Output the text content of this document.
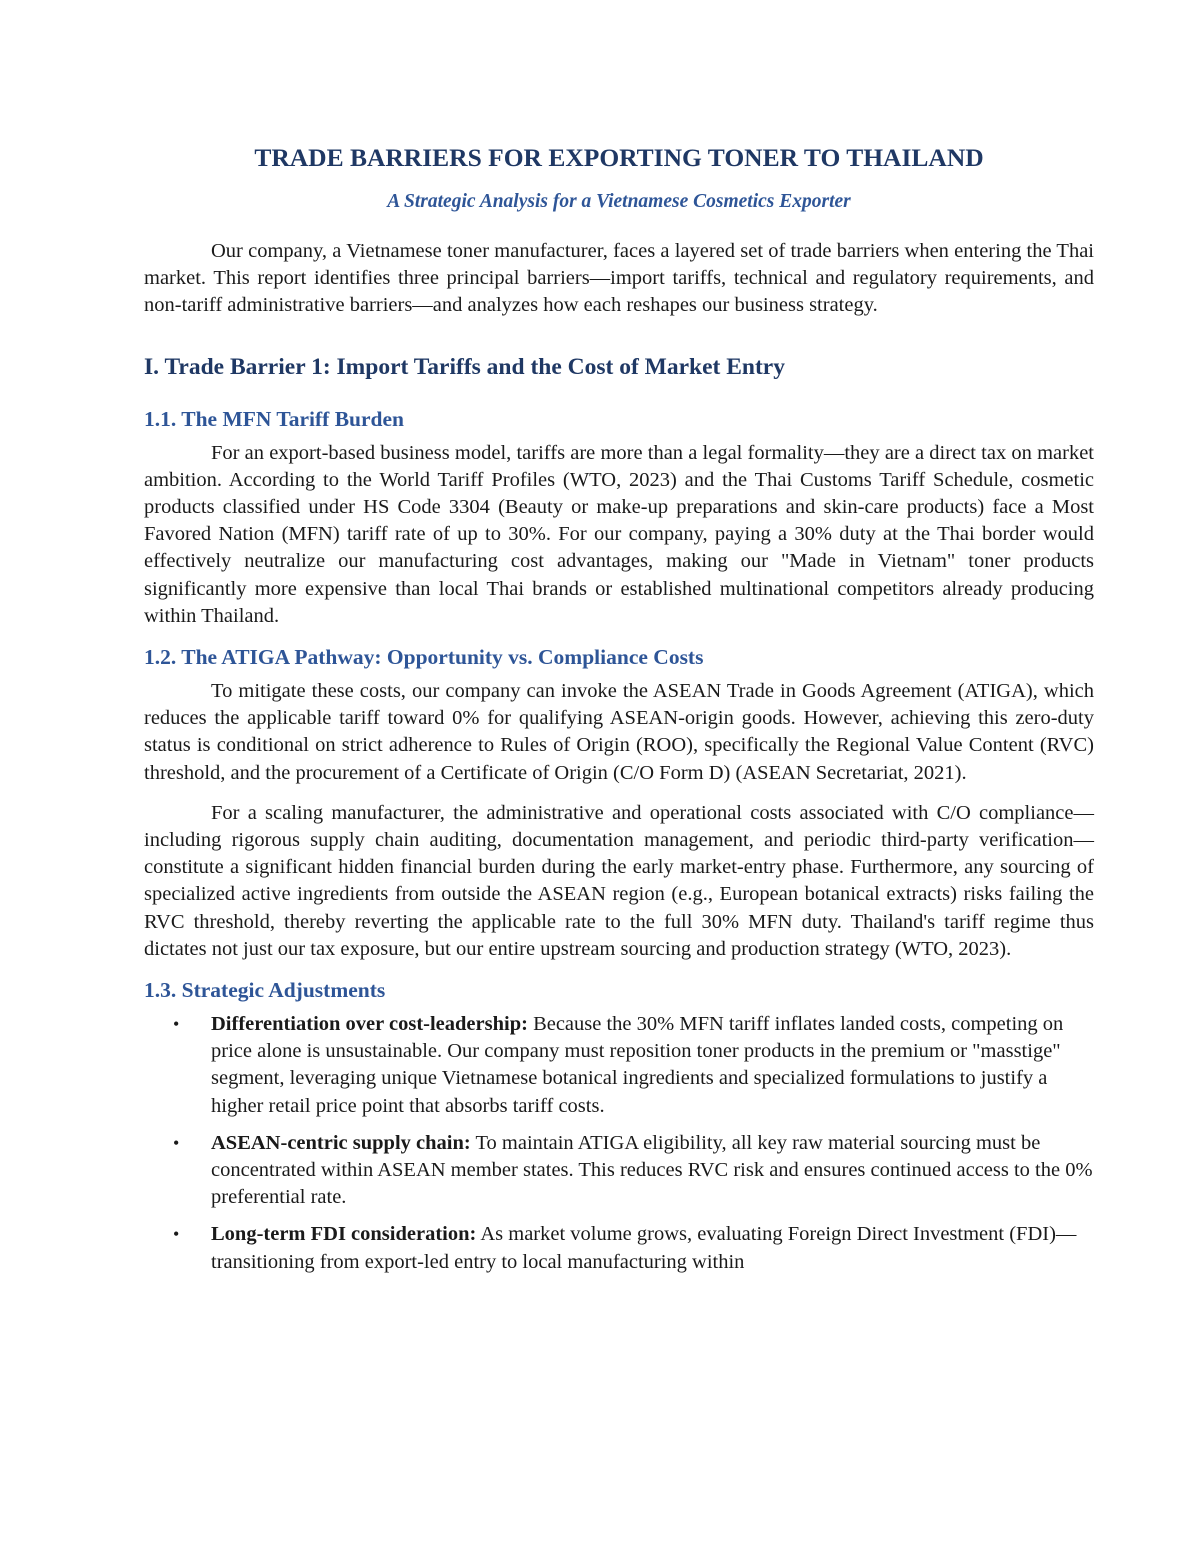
TRADE BARRIERS FOR EXPORTING TONER TO THAILAND
A Strategic Analysis for a Vietnamese Cosmetics Exporter

Our company, a Vietnamese toner manufacturer, faces a layered set of trade barriers when entering the Thai market. This report identifies three principal barriers—import tariffs, technical and regulatory requirements, and non-tariff administrative barriers—and analyzes how each reshapes our business strategy.

I. Trade Barrier 1: Import Tariffs and the Cost of Market Entry
1.1. The MFN Tariff Burden

For an export-based business model, tariffs are more than a legal formality—they are a direct tax on market ambition. According to the World Tariff Profiles (WTO, 2023) and the Thai Customs Tariff Schedule, cosmetic products classified under HS Code 3304 (Beauty or make-up preparations and skin-care products) face a Most Favored Nation (MFN) tariff rate of up to 30%. For our company, paying a 30% duty at the Thai border would effectively neutralize our manufacturing cost advantages, making our "Made in Vietnam" toner products significantly more expensive than local Thai brands or established multinational competitors already producing within Thailand.

1.2. The ATIGA Pathway: Opportunity vs. Compliance Costs

To mitigate these costs, our company can invoke the ASEAN Trade in Goods Agreement (ATIGA), which reduces the applicable tariff toward 0% for qualifying ASEAN-origin goods. However, achieving this zero-duty status is conditional on strict adherence to Rules of Origin (ROO), specifically the Regional Value Content (RVC) threshold, and the procurement of a Certificate of Origin (C/O Form D) (ASEAN Secretariat, 2021).

For a scaling manufacturer, the administrative and operational costs associated with C/O compliance—including rigorous supply chain auditing, documentation management, and periodic third-party verification—constitute a significant hidden financial burden during the early market-entry phase. Furthermore, any sourcing of specialized active ingredients from outside the ASEAN region (e.g., European botanical extracts) risks failing the RVC threshold, thereby reverting the applicable rate to the full 30% MFN duty. Thailand's tariff regime thus dictates not just our tax exposure, but our entire upstream sourcing and production strategy (WTO, 2023).

1.3. Strategic Adjustments
• Differentiation over cost-leadership: Because the 30% MFN tariff inflates landed costs, competing on price alone is unsustainable. Our company must reposition toner products in the premium or "masstige" segment, leveraging unique Vietnamese botanical ingredients and specialized formulations to justify a higher retail price point that absorbs tariff costs.
• ASEAN-centric supply chain: To maintain ATIGA eligibility, all key raw material sourcing must be concentrated within ASEAN member states. This reduces RVC risk and ensures continued access to the 0% preferential rate.
• Long-term FDI consideration: As market volume grows, evaluating Foreign Direct Investment (FDI)—transitioning from export-led entry to local manufacturing within
